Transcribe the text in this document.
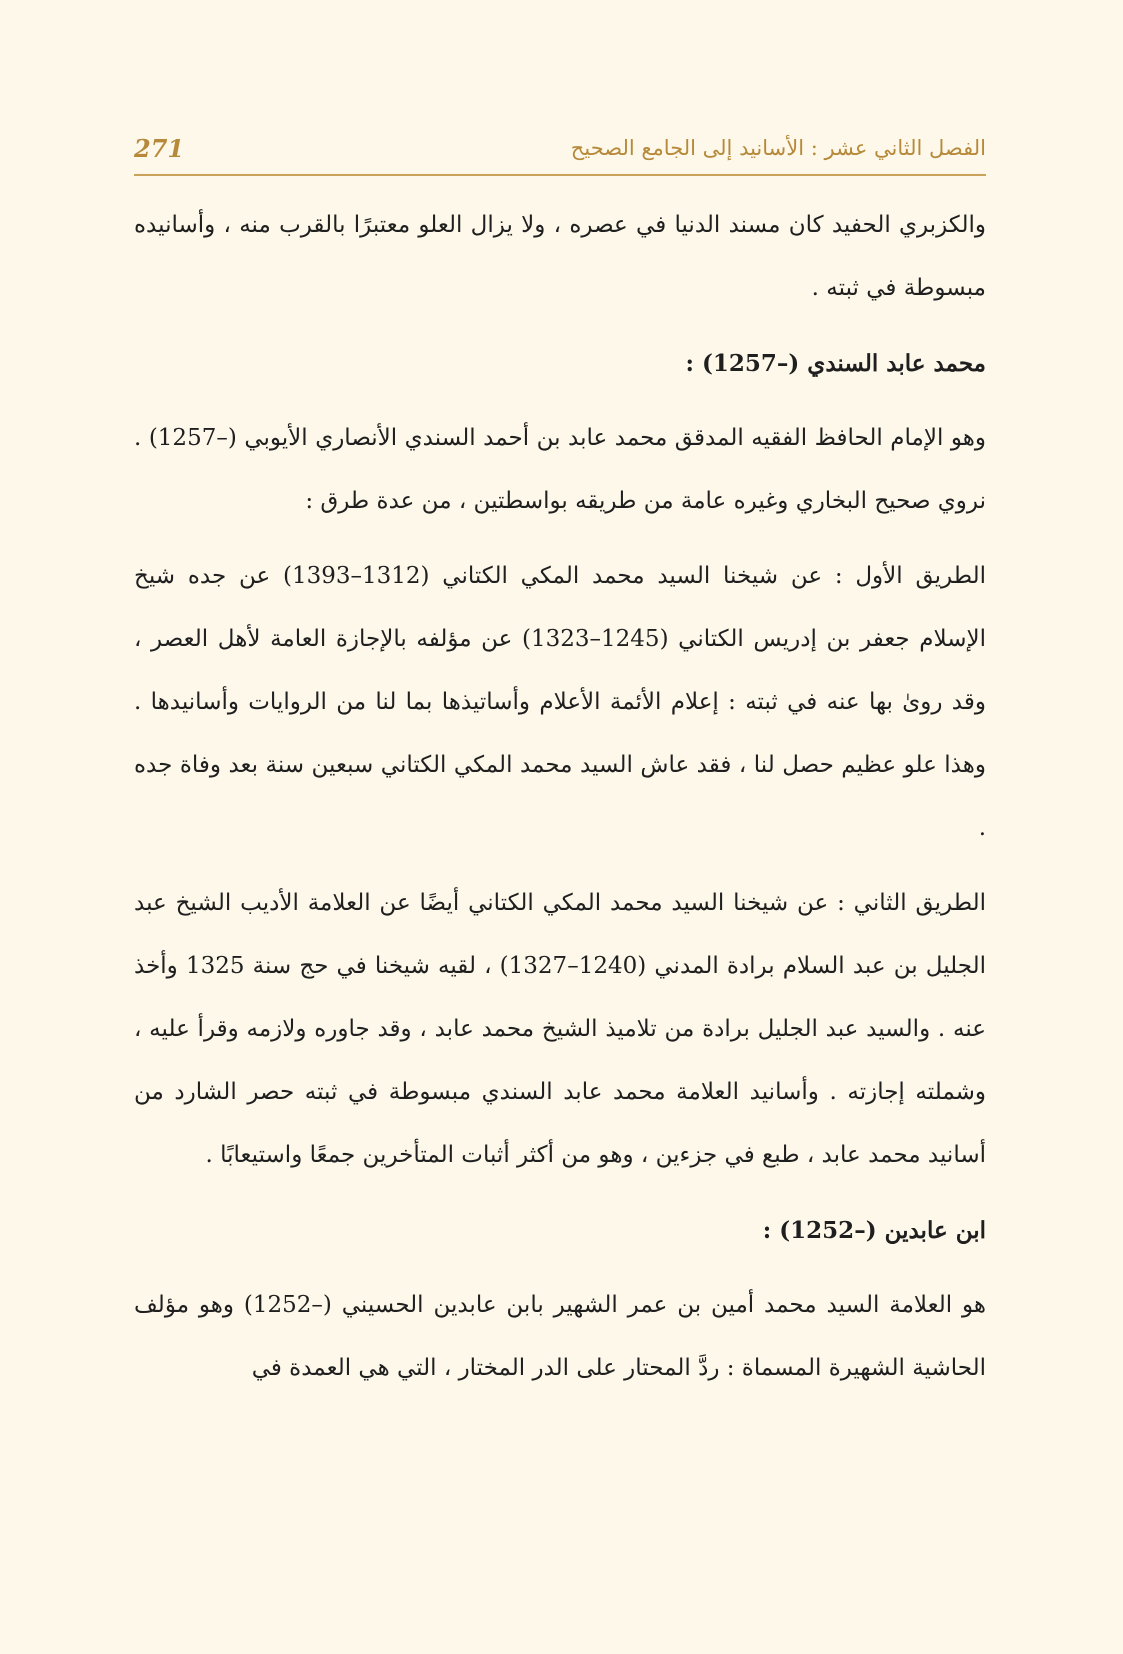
الفصل الثاني عشر : الأسانيد إلى الجامع الصحيح
271

والكزبري الحفيد كان مسند الدنيا في عصره ، ولا يزال العلو معتبرًا بالقرب منه ، وأسانيده مبسوطة في ثبته .

محمد عابد السندي (–1257) :

وهو الإمام الحافظ الفقيه المدقق محمد عابد بن أحمد السندي الأنصاري الأيوبي (–1257) . نروي صحيح البخاري وغيره عامة من طريقه بواسطتين ، من عدة طرق :

الطريق الأول : عن شيخنا السيد محمد المكي الكتاني (1312–1393) عن جده شيخ الإسلام جعفر بن إدريس الكتاني (1245–1323) عن مؤلفه بالإجازة العامة لأهل العصر ، وقد روىٰ بها عنه في ثبته : إعلام الأئمة الأعلام وأساتيذها بما لنا من الروايات وأسانيدها . وهذا علو عظيم حصل لنا ، فقد عاش السيد محمد المكي الكتاني سبعين سنة بعد وفاة جده .

الطريق الثاني : عن شيخنا السيد محمد المكي الكتاني أيضًا عن العلامة الأديب الشيخ عبد الجليل بن عبد السلام برادة المدني (1240–1327) ، لقيه شيخنا في حج سنة 1325 وأخذ عنه . والسيد عبد الجليل برادة من تلاميذ الشيخ محمد عابد ، وقد جاوره ولازمه وقرأ عليه ، وشملته إجازته . وأسانيد العلامة محمد عابد السندي مبسوطة في ثبته حصر الشارد من أسانيد محمد عابد ، طبع في جزءين ، وهو من أكثر أثبات المتأخرين جمعًا واستيعابًا .

ابن عابدين (–1252) :

هو العلامة السيد محمد أمين بن عمر الشهير بابن عابدين الحسيني (–1252) وهو مؤلف الحاشية الشهيرة المسماة : ردَّ المحتار على الدر المختار ، التي هي العمدة في
